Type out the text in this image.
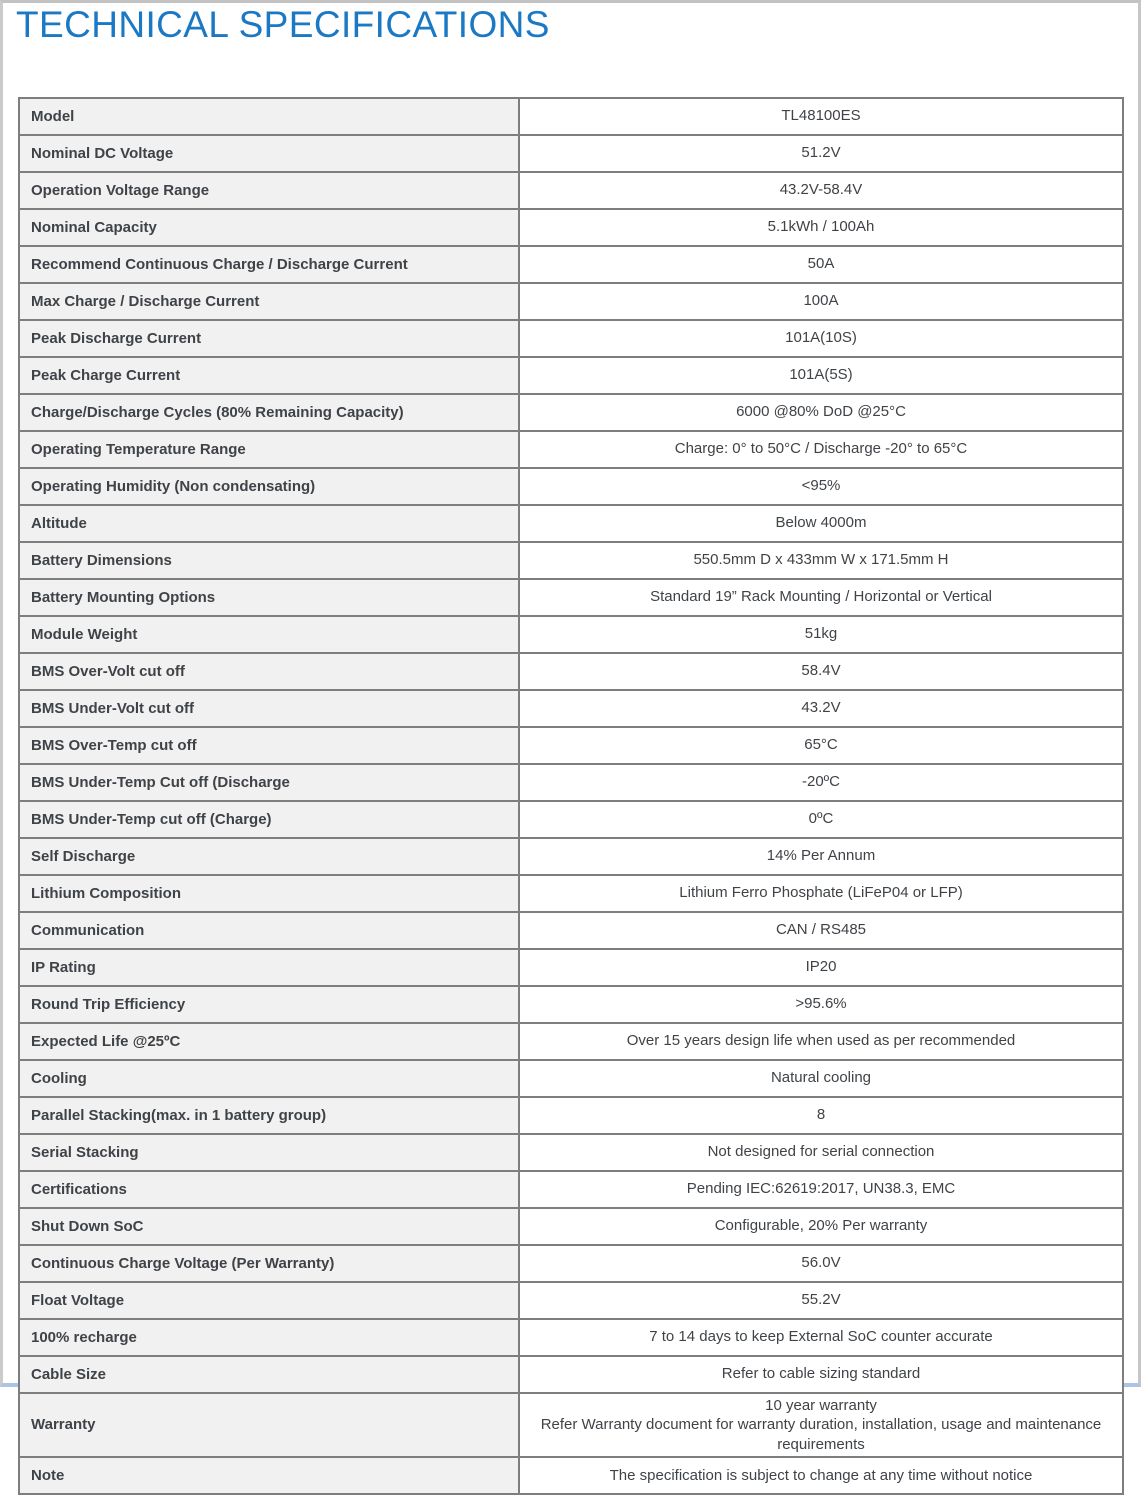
TECHNICAL SPECIFICATIONS
Model	TL48100ES
Nominal DC Voltage	51.2V
Operation Voltage Range	43.2V-58.4V
Nominal Capacity	5.1kWh / 100Ah
Recommend Continuous Charge / Discharge Current	50A
Max Charge / Discharge Current	100A
Peak Discharge Current	101A(10S)
Peak Charge Current	101A(5S)
Charge/Discharge Cycles (80% Remaining Capacity)	6000 @80% DoD @25°C
Operating Temperature Range	Charge: 0° to 50°C / Discharge -20° to 65°C
Operating Humidity (Non condensating)	<95%
Altitude	Below 4000m
Battery Dimensions	550.5mm D x 433mm W x 171.5mm H
Battery Mounting Options	Standard 19” Rack Mounting / Horizontal or Vertical
Module Weight	51kg
BMS Over-Volt cut off	58.4V
BMS Under-Volt cut off	43.2V
BMS Over-Temp cut off	65°C
BMS Under-Temp Cut off (Discharge	-20ºC
BMS Under-Temp cut off (Charge)	0ºC
Self Discharge	14% Per Annum
Lithium Composition	Lithium Ferro Phosphate (LiFeP04 or LFP)
Communication	CAN / RS485
IP Rating	IP20
Round Trip Efficiency	>95.6%
Expected Life @25ºC	Over 15 years design life when used as per recommended
Cooling	Natural cooling
Parallel Stacking(max. in 1 battery group)	8
Serial Stacking	Not designed for serial connection
Certifications	Pending IEC:62619:2017, UN38.3, EMC
Shut Down SoC	Configurable, 20% Per warranty
Continuous Charge Voltage (Per Warranty)	56.0V
Float Voltage	55.2V
100% recharge	7 to 14 days to keep External SoC counter accurate
Cable Size	Refer to cable sizing standard
Warranty	10 year warranty
Refer Warranty document for warranty duration, installation, usage and maintenance requirements
Note	The specification is subject to change at any time without notice
